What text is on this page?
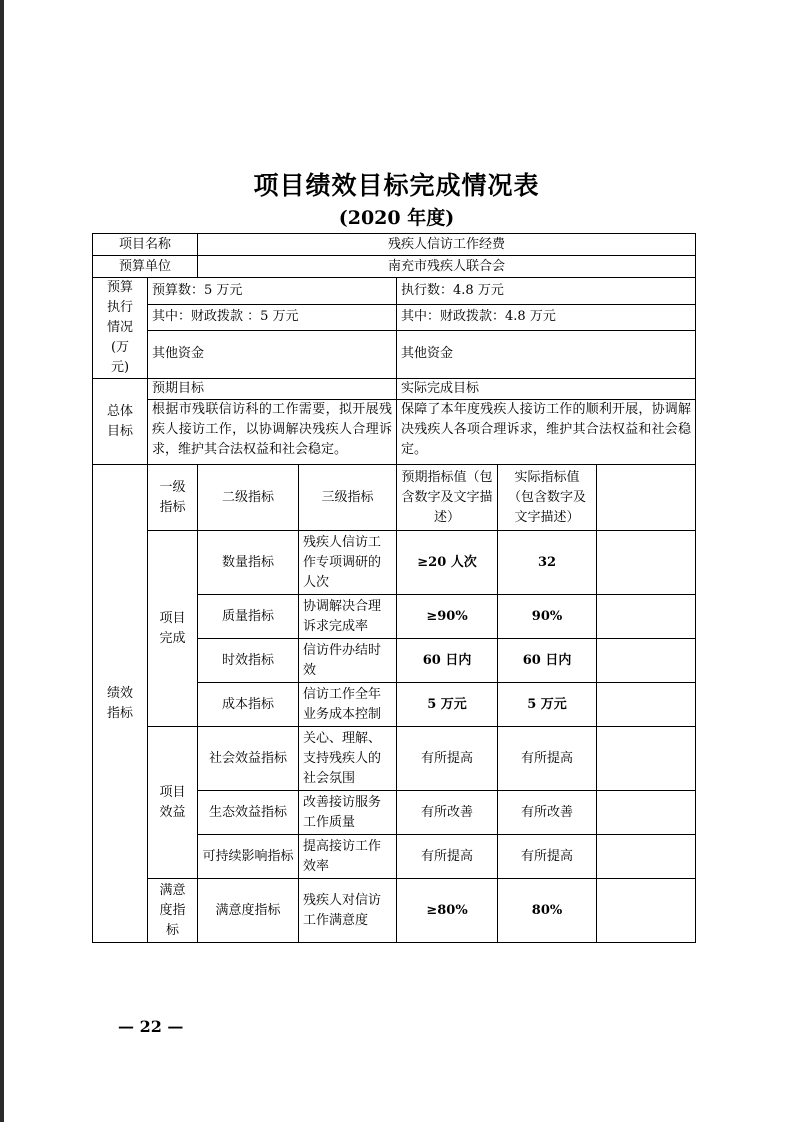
项目绩效目标完成情况表
(2020 年度)
项目名称		残疾人信访工作经费				
预算单位		南充市残疾人联合会				
预算执行情况(万元)	预算数：5 万元			执行数：4.8 万元		
	其中：财政拨款 ：5 万元			其中：财政拨款：4.8 万元		
	其他资金			其他资金		
总体目标	预期目标			实际完成目标		
	根据市残联信访科的工作需要，拟开展残疾人接访工作，以协调解决残疾人合理诉求，维护其合法权益和社会稳定。			保障了本年度残疾人接访工作的顺利开展，协调解决残疾人各项合理诉求，维护其合法权益和社会稳定。		
绩效指标	一级指标	二级指标	三级指标	预期指标值（包含数字及文字描述）	实际指标值（包含数字及文字描述）	
	项目完成	数量指标	残疾人信访工作专项调研的人次	≥20 人次	32	
		质量指标	协调解决合理诉求完成率	≥90%	90%	
		时效指标	信访件办结时效	60 日内	60 日内	
		成本指标	信访工作全年业务成本控制	5 万元	5 万元	
	项目效益	社会效益指标	关心、理解、支持残疾人的社会氛围	有所提高	有所提高	
		生态效益指标	改善接访服务工作质量	有所改善	有所改善	
		可持续影响指标	提高接访工作效率	有所提高	有所提高	
	满意度指标	满意度指标	残疾人对信访工作满意度	≥80%	80%	
— 22 —
